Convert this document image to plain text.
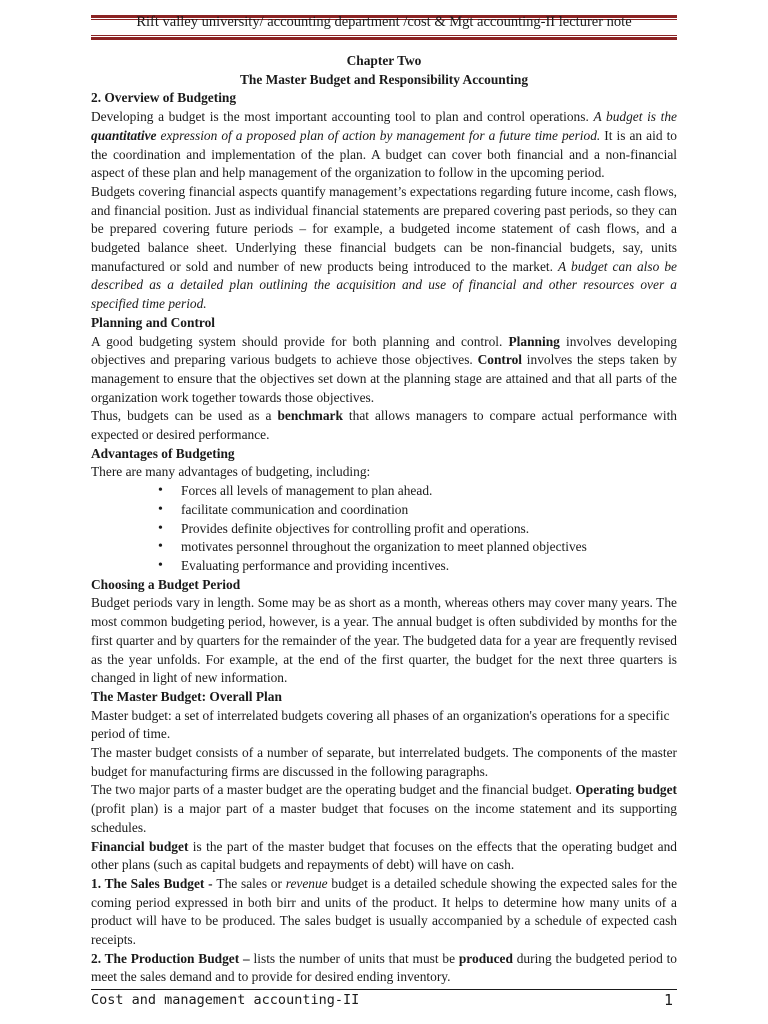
Rift valley university/ accounting department /cost & Mgt accounting-II lecturer note

Chapter Two

The Master Budget and Responsibility Accounting

2. Overview of Budgeting

Developing a budget is the most important accounting tool to plan and control operations. A budget is the quantitative expression of a proposed plan of action by management for a future time period. It is an aid to the coordination and implementation of the plan. A budget can cover both financial and a non-financial aspect of these plan and help management of the organization to follow in the upcoming period.

Budgets covering financial aspects quantify management’s expectations regarding future income, cash flows, and financial position. Just as individual financial statements are prepared covering past periods, so they can be prepared covering future periods – for example, a budgeted income statement of cash flows, and a budgeted balance sheet. Underlying these financial budgets can be non-financial budgets, say, units manufactured or sold and number of new products being introduced to the market. A budget can also be described as a detailed plan outlining the acquisition and use of financial and other resources over a specified time period.

Planning and Control

A good budgeting system should provide for both planning and control. Planning involves developing objectives and preparing various budgets to achieve those objectives. Control involves the steps taken by management to ensure that the objectives set down at the planning stage are attained and that all parts of the organization work together towards those objectives.

Thus, budgets can be used as a benchmark that allows managers to compare actual performance with expected or desired performance.

Advantages of Budgeting

There are many advantages of budgeting, including:

• Forces all levels of management to plan ahead.
• facilitate communication and coordination
• Provides definite objectives for controlling profit and operations.
• motivates personnel throughout the organization to meet planned objectives
• Evaluating performance and providing incentives.

Choosing a Budget Period

Budget periods vary in length. Some may be as short as a month, whereas others may cover many years. The most common budgeting period, however, is a year. The annual budget is often subdivided by months for the first quarter and by quarters for the remainder of the year. The budgeted data for a year are frequently revised as the year unfolds. For example, at the end of the first quarter, the budget for the next three quarters is changed in light of new information.

The Master Budget: Overall Plan

Master budget: a set of interrelated budgets covering all phases of an organization's operations for a specific period of time.

The master budget consists of a number of separate, but interrelated budgets. The components of the master budget for manufacturing firms are discussed in the following paragraphs.

The two major parts of a master budget are the operating budget and the financial budget. Operating budget (profit plan) is a major part of a master budget that focuses on the income statement and its supporting schedules.

Financial budget is the part of the master budget that focuses on the effects that the operating budget and other plans (such as capital budgets and repayments of debt) will have on cash.

1. The Sales Budget - The sales or revenue budget is a detailed schedule showing the expected sales for the coming period expressed in both birr and units of the product. It helps to determine how many units of a product will have to be produced. The sales budget is usually accompanied by a schedule of expected cash receipts.

2. The Production Budget – lists the number of units that must be produced during the budgeted period to meet the sales demand and to provide for desired ending inventory.

Cost and management accounting-II	1
